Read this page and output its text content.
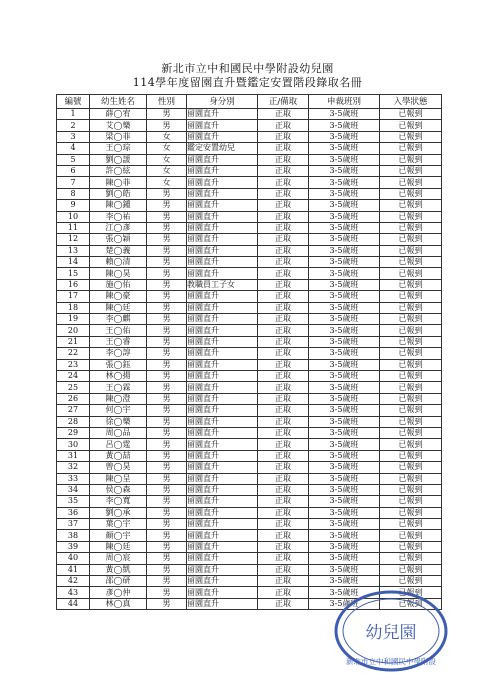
新北市立中和國民中學附設幼兒園
114學年度留園直升暨鑑定安置階段錄取名冊
編號	幼生姓名	性別	身分別	正/備取	申裁班別	入學狀態
1	薛◯宥	男	留園直升	正取	3-5歲班	已報到
2	艾◯樂	男	留園直升	正取	3-5歲班	已報到
3	梁◯菲	女	留園直升	正取	3-5歲班	已報到
4	王◯琮	女	鑑定安置幼兒	正取	3-5歲班	已報到
5	劉◯諼	女	留園直升	正取	3-5歲班	已報到
6	許◯絃	女	留園直升	正取	3-5歲班	已報到
7	陳◯菲	女	留園直升	正取	3-5歲班	已報到
8	劉◯皓	男	留園直升	正取	3-5歲班	已報到
9	陳◯鍾	男	留園直升	正取	3-5歲班	已報到
10	李◯祐	男	留園直升	正取	3-5歲班	已報到
11	江◯彥	男	留園直升	正取	3-5歲班	已報到
12	張◯穎	男	留園直升	正取	3-5歲班	已報到
13	楚◯義	男	留園直升	正取	3-5歲班	已報到
14	賴◯清	男	留園直升	正取	3-5歲班	已報到
15	陳◯昊	男	留園直升	正取	3-5歲班	已報到
16	施◯佑	男	教職員工子女	正取	3-5歲班	已報到
17	陳◯豪	男	留園直升	正取	3-5歲班	已報到
18	陳◯廷	男	留園直升	正取	3-5歲班	已報到
19	李◯麒	男	留園直升	正取	3-5歲班	已報到
20	王◯佑	男	留園直升	正取	3-5歲班	已報到
21	王◯睿	男	留園直升	正取	3-5歲班	已報到
22	李◯諄	男	留園直升	正取	3-5歲班	已報到
23	張◯鈺	男	留園直升	正取	3-5歲班	已報到
24	林◯揚	男	留園直升	正取	3-5歲班	已報到
25	王◯霖	男	留園直升	正取	3-5歲班	已報到
26	陳◯澄	男	留園直升	正取	3-5歲班	已報到
27	何◯宇	男	留園直升	正取	3-5歲班	已報到
28	徐◯樂	男	留園直升	正取	3-5歲班	已報到
29	周◯品	男	留園直升	正取	3-5歲班	已報到
30	呂◯霆	男	留園直升	正取	3-5歲班	已報到
31	黃◯喆	男	留園直升	正取	3-5歲班	已報到
32	曾◯昊	男	留園直升	正取	3-5歲班	已報到
33	陳◯呈	男	留園直升	正取	3-5歲班	已報到
34	侯◯森	男	留園直升	正取	3-5歲班	已報到
35	李◯寬	男	留園直升	正取	3-5歲班	已報到
36	劉◯承	男	留園直升	正取	3-5歲班	已報到
37	葉◯宇	男	留園直升	正取	3-5歲班	已報到
38	顏◯宇	男	留園直升	正取	3-5歲班	已報到
39	陳◯廷	男	留園直升	正取	3-5歲班	已報到
40	周◯宸	男	留園直升	正取	3-5歲班	已報到
41	黃◯凱	男	留園直升	正取	3-5歲班	已報到
42	邵◯研	男	留園直升	正取	3-5歲班	已報到
43	彥◯仲	男	留園直升	正取	3-5歲班	已報到
44	林◯真	男	留園直升	正取	3-5歲班	已報到
幼兒園
新北市立中和國民中學附設
